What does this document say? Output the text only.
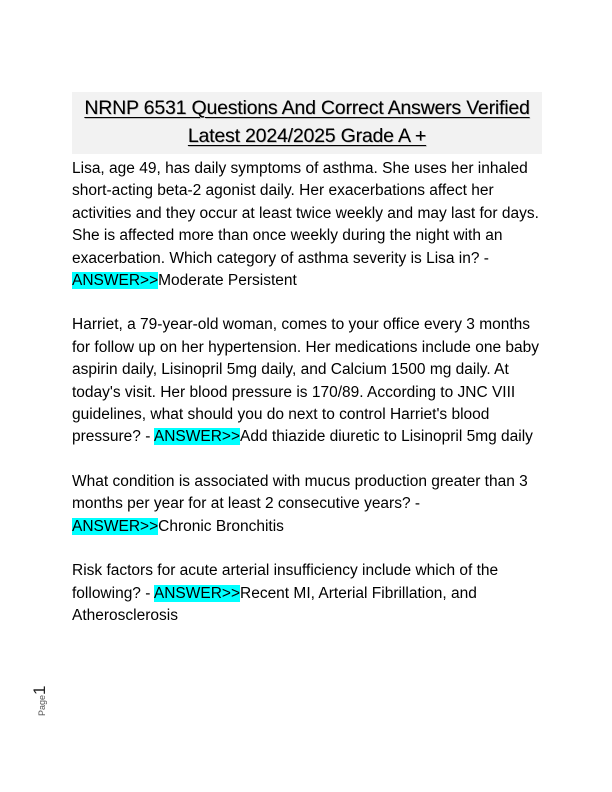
NRNP 6531 Questions And Correct Answers Verified
Latest 2024/2025 Grade A +

Lisa, age 49, has daily symptoms of asthma. She uses her inhaled short-acting beta-2 agonist daily. Her exacerbations affect her activities and they occur at least twice weekly and may last for days. She is affected more than once weekly during the night with an exacerbation. Which category of asthma severity is Lisa in? - ANSWER>>Moderate Persistent

Harriet, a 79-year-old woman, comes to your office every 3 months for follow up on her hypertension. Her medications include one baby aspirin daily, Lisinopril 5mg daily, and Calcium 1500 mg daily. At today's visit. Her blood pressure is 170/89. According to JNC VIII guidelines, what should you do next to control Harriet's blood pressure? - ANSWER>>Add thiazide diuretic to Lisinopril 5mg daily

What condition is associated with mucus production greater than 3 months per year for at least 2 consecutive years? - ANSWER>>Chronic Bronchitis

Risk factors for acute arterial insufficiency include which of the following? - ANSWER>>Recent MI, Arterial Fibrillation, and Atherosclerosis

Page1
